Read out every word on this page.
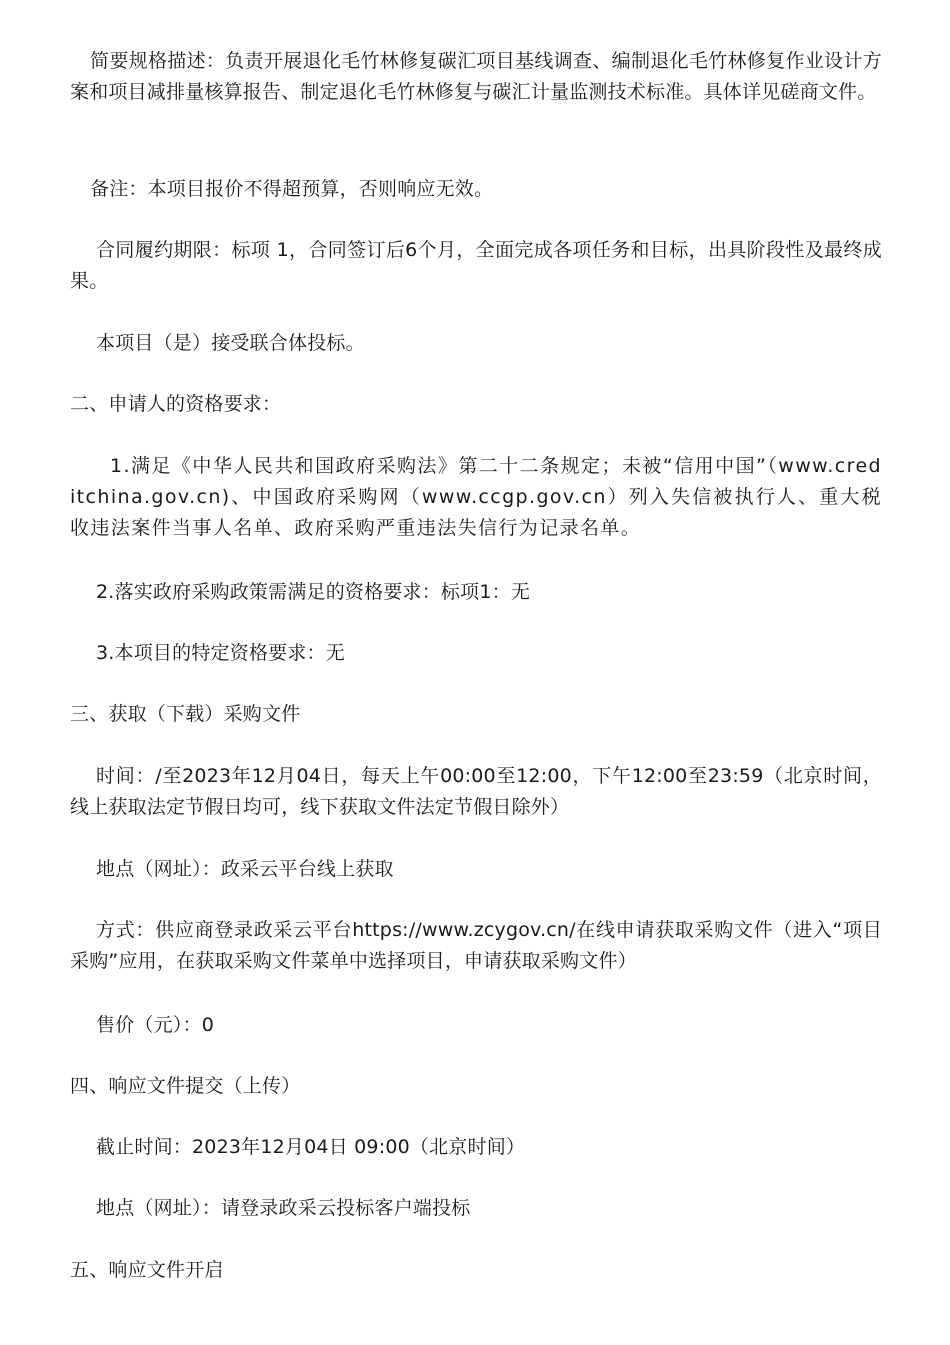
简要规格描述：负责开展退化毛竹林修复碳汇项目基线调查、编制退化毛竹林修复作业设计方案和项目减排量核算报告、制定退化毛竹林修复与碳汇计量监测技术标准。具体详见磋商文件。

备注：本项目报价不得超预算，否则响应无效。

合同履约期限：标项 1，合同签订后6个月，全面完成各项任务和目标，出具阶段性及最终成果。

本项目（是）接受联合体投标。

二、申请人的资格要求：

1.满足《中华人民共和国政府采购法》第二十二条规定；未被“信用中国”（www.creditchina.gov.cn)、中国政府采购网（www.ccgp.gov.cn）列入失信被执行人、重大税收违法案件当事人名单、政府采购严重违法失信行为记录名单。

2.落实政府采购政策需满足的资格要求：标项1：无

3.本项目的特定资格要求：无

三、获取（下载）采购文件

时间：/至2023年12月04日，每天上午00:00至12:00，下午12:00至23:59（北京时间，线上获取法定节假日均可，线下获取文件法定节假日除外）

地点（网址）：政采云平台线上获取

方式：供应商登录政采云平台https://www.zcygov.cn/在线申请获取采购文件（进入“项目采购”应用，在获取采购文件菜单中选择项目，申请获取采购文件）

售价（元）：0

四、响应文件提交（上传）

截止时间：2023年12月04日 09:00（北京时间）

地点（网址）：请登录政采云投标客户端投标

五、响应文件开启
